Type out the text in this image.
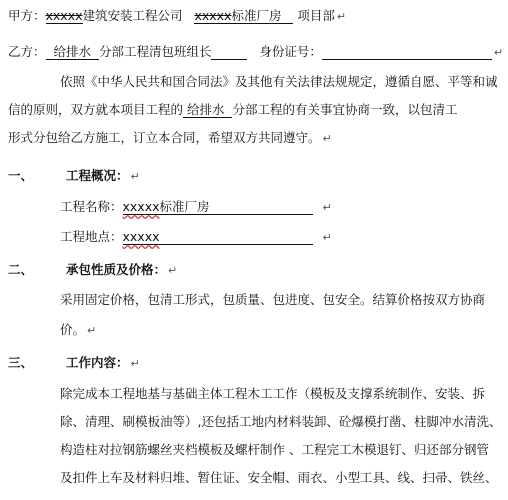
甲方：xxxxx建筑安装工程公司 xxxxx标准厂房 项目部 ↵
乙方： 给排水 分部工程清包班组长	身份证号：	↵
依照《中华人民共和国合同法》及其他有关法律法规规定，遵循自愿、平等和诚
信的原则，双方就本项目工程的 给排水 分部工程的有关事宜协商一致，以包清工
形式分包给乙方施工，订立本合同，希望双方共同遵守。 ↵
一、	工程概况： ↵
工程名称：xxxxx标准厂房	↵
工程地点：xxxxx	↵
二、	承包性质及价格： ↵
采用固定价格，包清工形式，包质量、包进度、包安全。结算价格按双方协商
价。 ↵
三、	工作内容： ↵
除完成本工程地基与基础主体工程木工工作（模板及支撑系统制作、安装、拆
除、清理、刷模板油等）,还包括工地内材料装卸、砼爆模打凿、柱脚冲水清洗、
构造柱对拉钢筋螺丝夹档模板及螺杆制作 、工程完工木模退钉、归还部分钢管
及扣件上车及材料归堆、暂住证、安全帽、雨衣、小型工具、线、扫帚、铁丝、
